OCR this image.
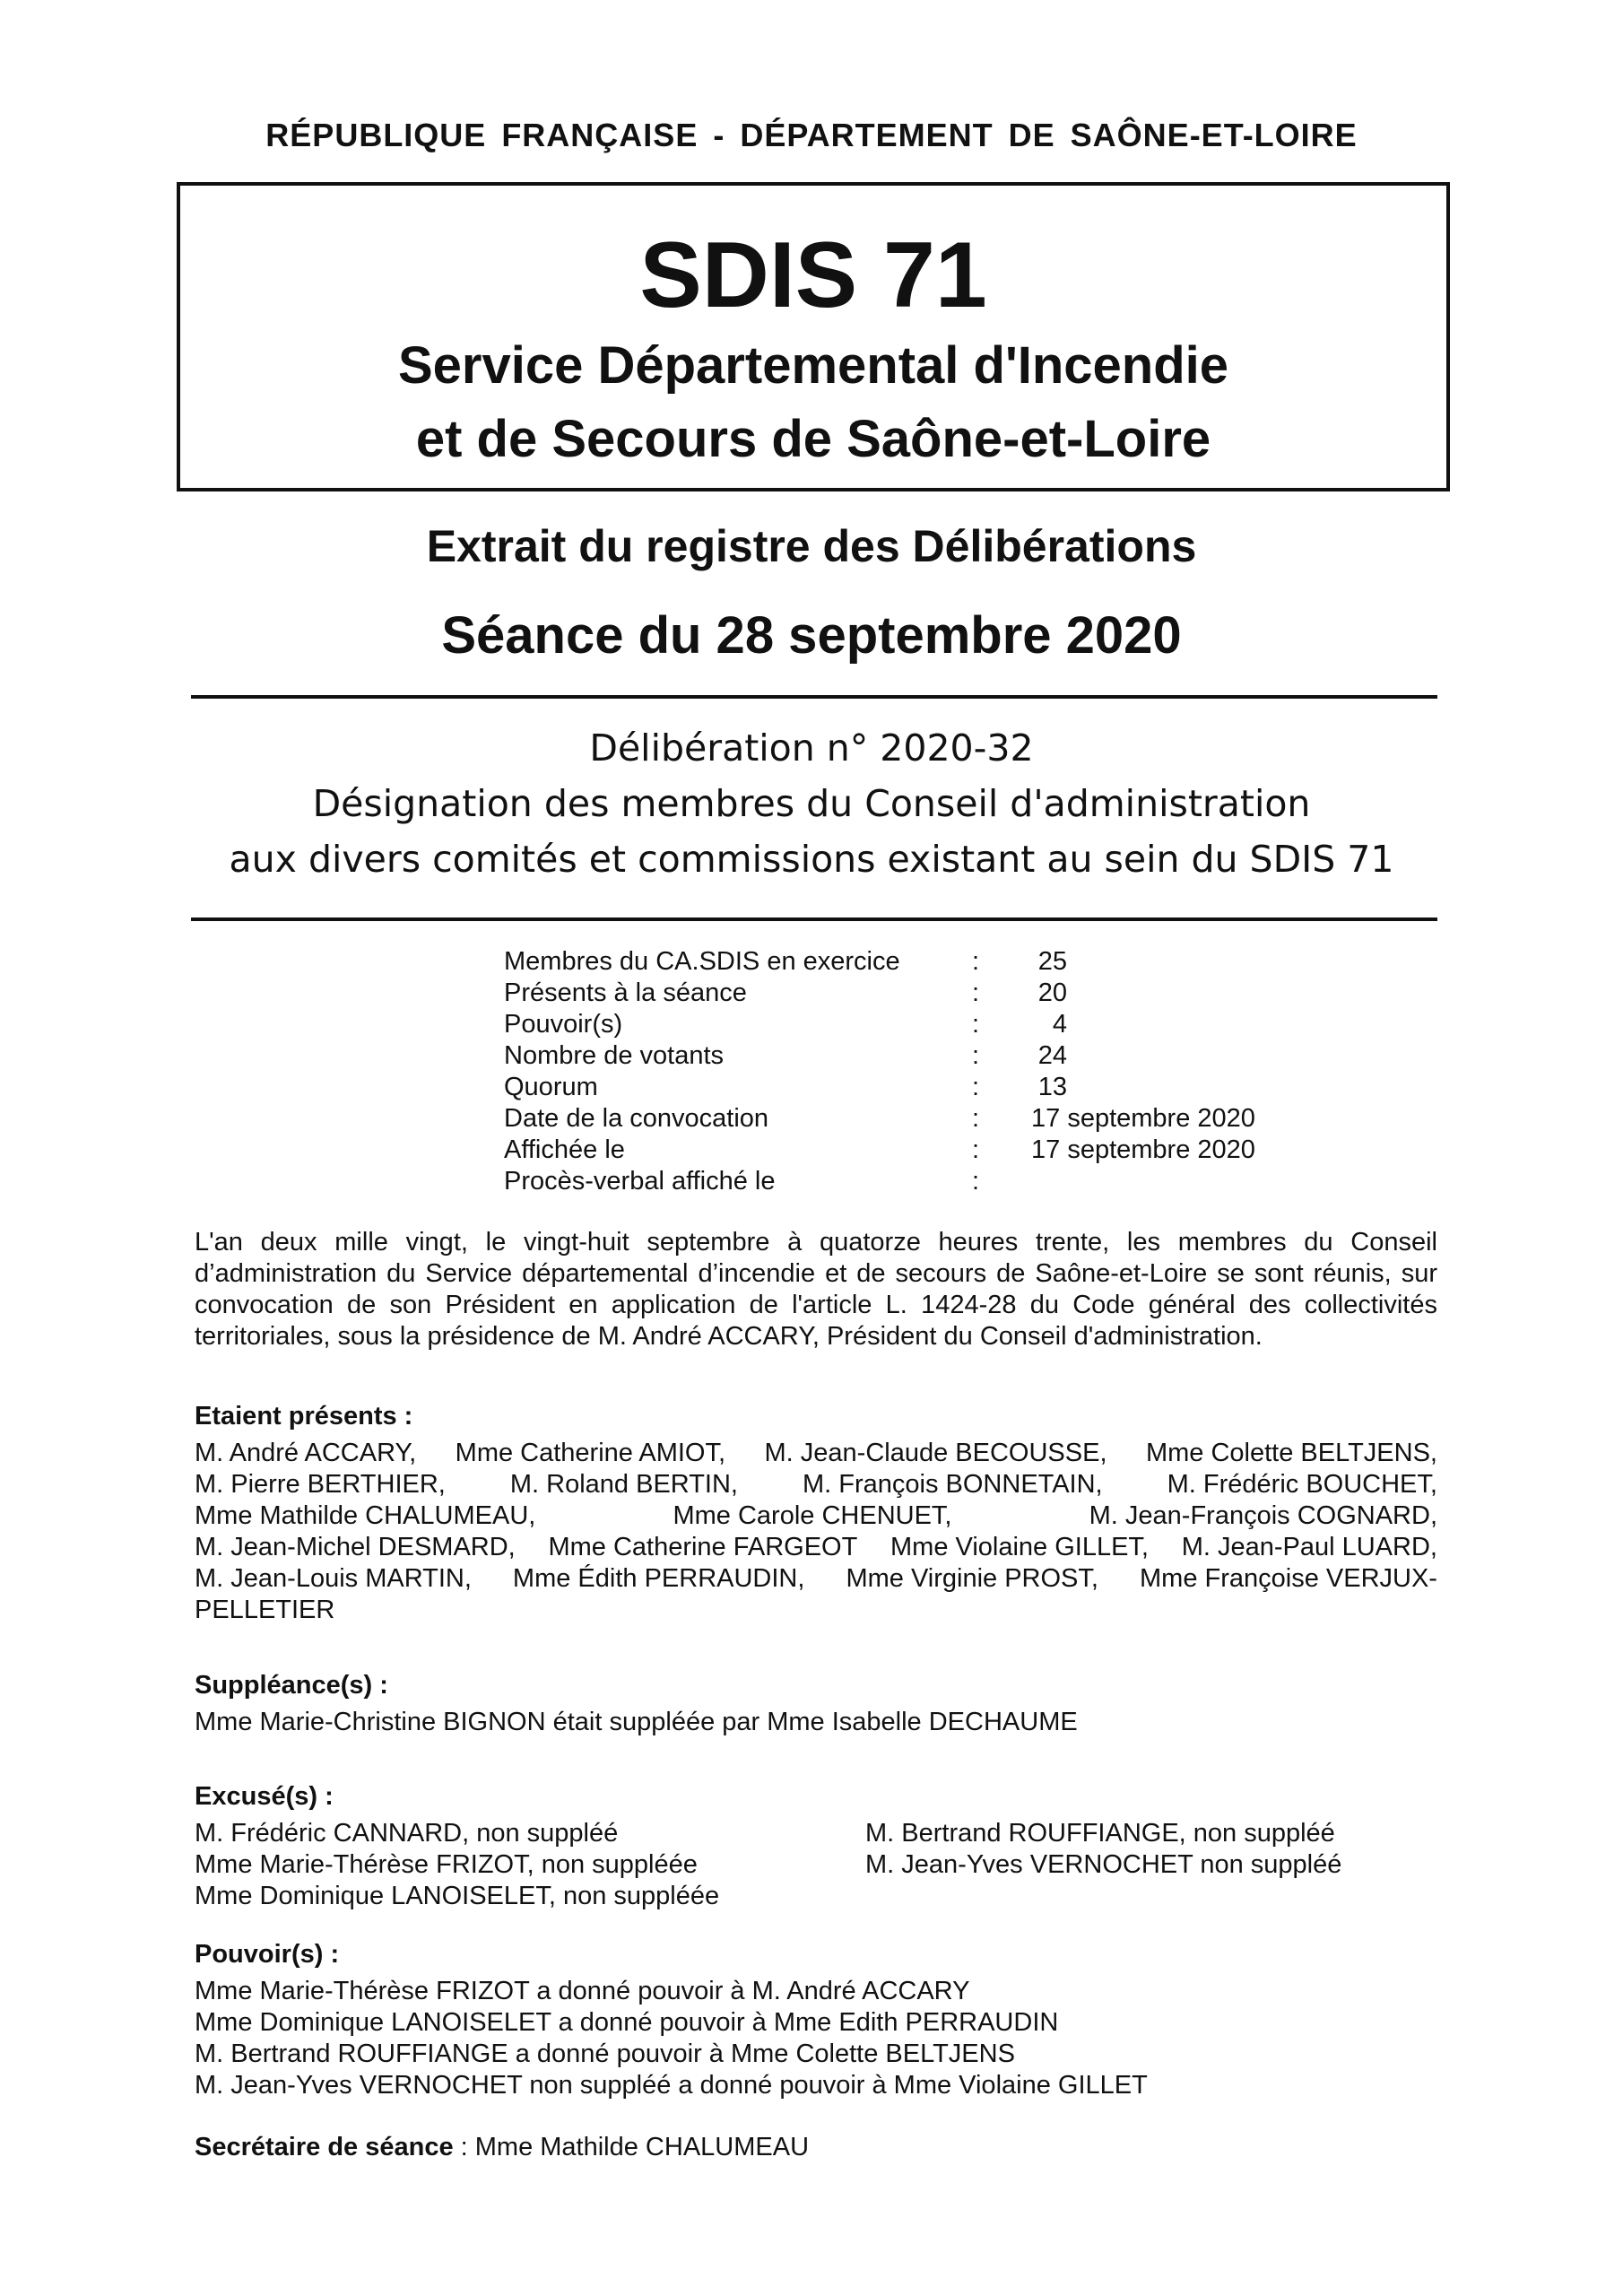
RÉPUBLIQUE FRANÇAISE - DÉPARTEMENT DE SAÔNE-ET-LOIRE
SDIS 71
Service Départemental d'Incendie
et de Secours de Saône-et-Loire
Extrait du registre des Délibérations
Séance du 28 septembre 2020
Délibération n° 2020-32
Désignation des membres du Conseil d'administration
aux divers comités et commissions existant au sein du SDIS 71
Membres du CA.SDIS en exercice	: 25
Présents à la séance	: 20
Pouvoir(s)	:	4
Nombre de votants	: 24
Quorum	: 13
Date de la convocation	: 17 septembre 2020
Affichée le	: 17 septembre 2020
Procès-verbal affiché le	:
L'an deux mille vingt, le vingt-huit septembre à quatorze heures trente, les membres du Conseil d’administration du Service départemental d’incendie et de secours de Saône-et-Loire se sont réunis, sur convocation de son Président en application de l'article L. 1424-28 du Code général des collectivités territoriales, sous la présidence de M. André ACCARY, Président du Conseil d'administration.
Etaient présents :
M. André ACCARY, Mme Catherine AMIOT, M. Jean-Claude BECOUSSE, Mme Colette BELTJENS,
M. Pierre BERTHIER, M. Roland BERTIN, M. François BONNETAIN, M. Frédéric BOUCHET,
Mme Mathilde CHALUMEAU,	Mme Carole CHENUET,	M. Jean-François COGNARD,
M. Jean-Michel DESMARD, Mme Catherine FARGEOT Mme Violaine GILLET, M. Jean-Paul LUARD,
M. Jean-Louis MARTIN, Mme Édith PERRAUDIN, Mme Virginie PROST, Mme Françoise VERJUX-
PELLETIER
Suppléance(s) :
Mme Marie-Christine BIGNON était suppléée par Mme Isabelle DECHAUME
Excusé(s) :
M. Frédéric CANNARD, non suppléé
Mme Marie-Thérèse FRIZOT, non suppléée
Mme Dominique LANOISELET, non suppléée
M. Bertrand ROUFFIANGE, non suppléé
M. Jean-Yves VERNOCHET non suppléé
Pouvoir(s) :
Mme Marie-Thérèse FRIZOT a donné pouvoir à M. André ACCARY
Mme Dominique LANOISELET a donné pouvoir à Mme Edith PERRAUDIN
M. Bertrand ROUFFIANGE a donné pouvoir à Mme Colette BELTJENS
M. Jean-Yves VERNOCHET non suppléé a donné pouvoir à Mme Violaine GILLET
Secrétaire de séance : Mme Mathilde CHALUMEAU
